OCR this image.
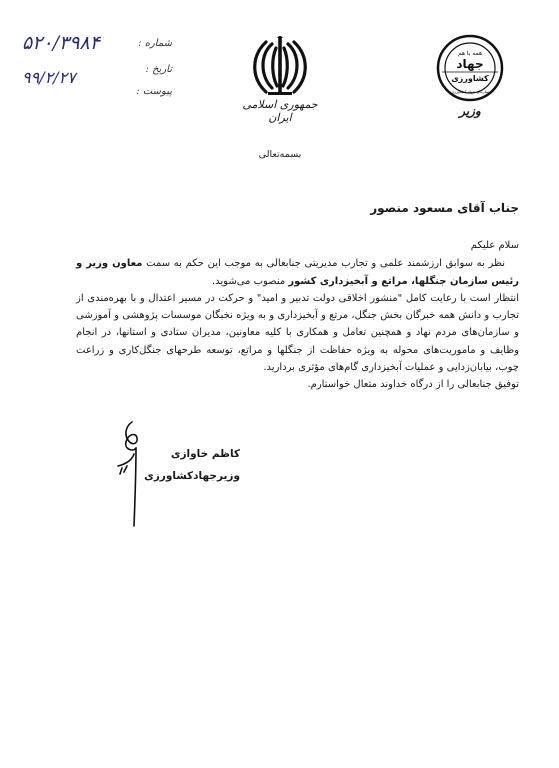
شماره :
۵۲۰/۳۹۸۴
تاریخ :
۹۹/۲/۲۷
پیوست :
جمهوری اسلامی ایران
همه با هم
جهاد
کشاورزی
سازمان جهاد کشاورزی
وزیر
بسمه‌تعالی
جناب آقای مسعود منصور

سلام علیکم

نظر به سوابق ارزشمند علمی و تجارب مدیریتی جنابعالی به موجب این حکم به سمت معاون وزیر و رئیس سازمان جنگلها، مراتع و آبخیزداری کشور منصوب می‌شوید.

انتظار است با رعایت کامل "منشور اخلاقی دولت تدبیر و امید" و حرکت در مسیر اعتدال و با بهره‌مندی از تجارب و دانش همه خبرگان بخش جنگل، مرتع و آبخیزداری و به ویژه نخبگان موسسات پژوهشی و آموزشی و سازمان‌های مردم نهاد و همچنین تعامل و همکاری با کلیه معاونین، مدیران ستادی و استانها، در انجام وظایف و ماموریت‌های محوله به ویژه حفاظت از جنگلها و مراتع، توسعه طرحهای جنگل‌کاری و زراعت چوب، بیابان‌زدایی و عملیات آبخیزداری گام‌های مؤثری بردارید.

توفیق جنابعالی را از درگاه خداوند متعال خواستارم.

کاظم خاوازی
وزیرجهادکشاورزی
